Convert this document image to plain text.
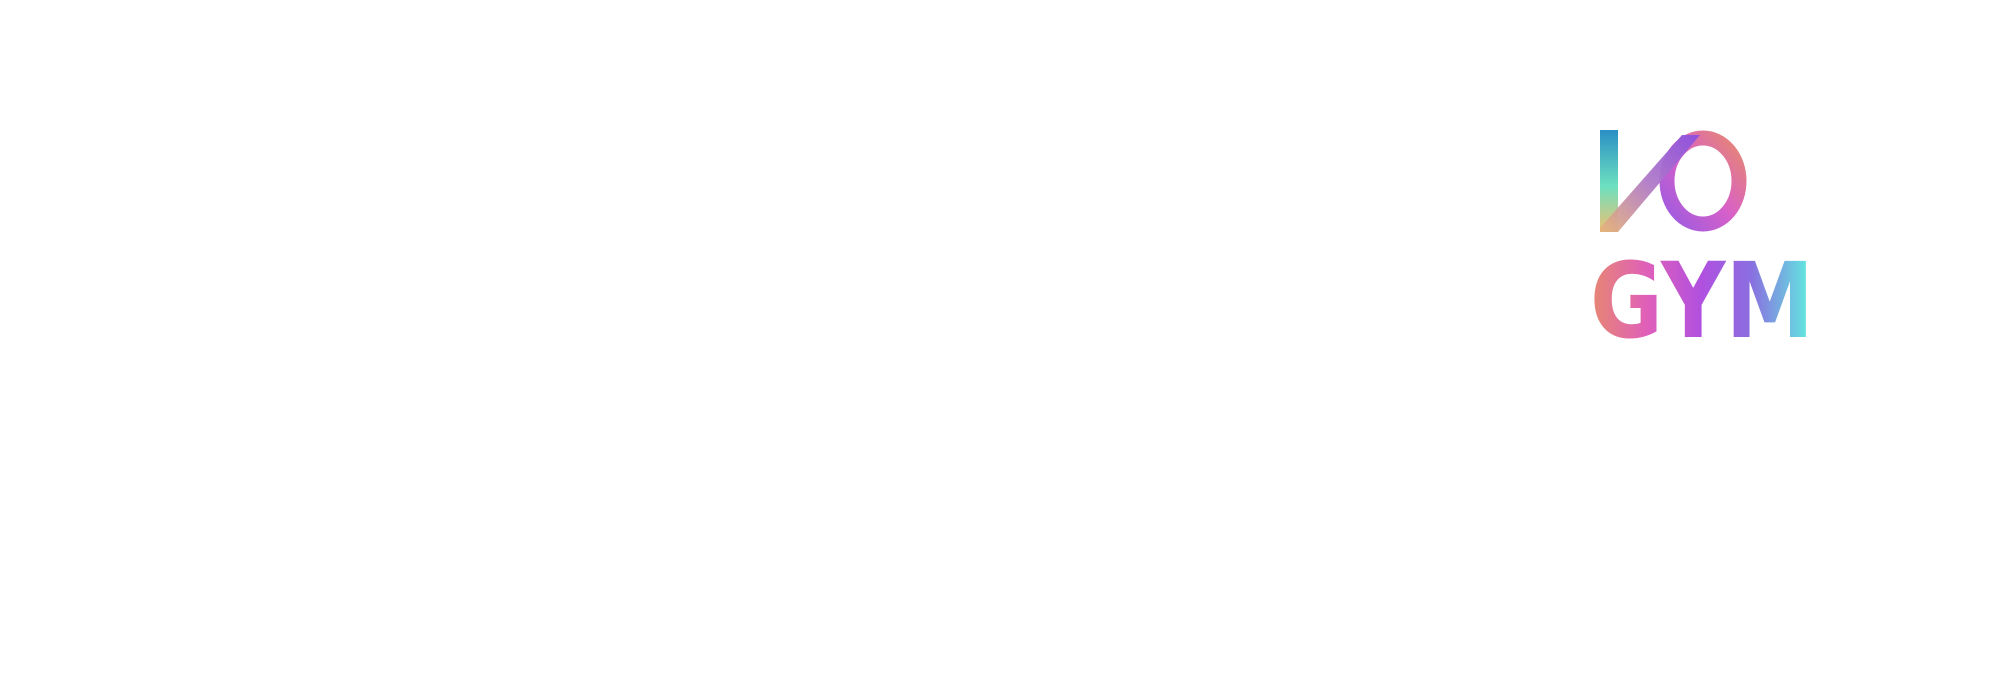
GYM
